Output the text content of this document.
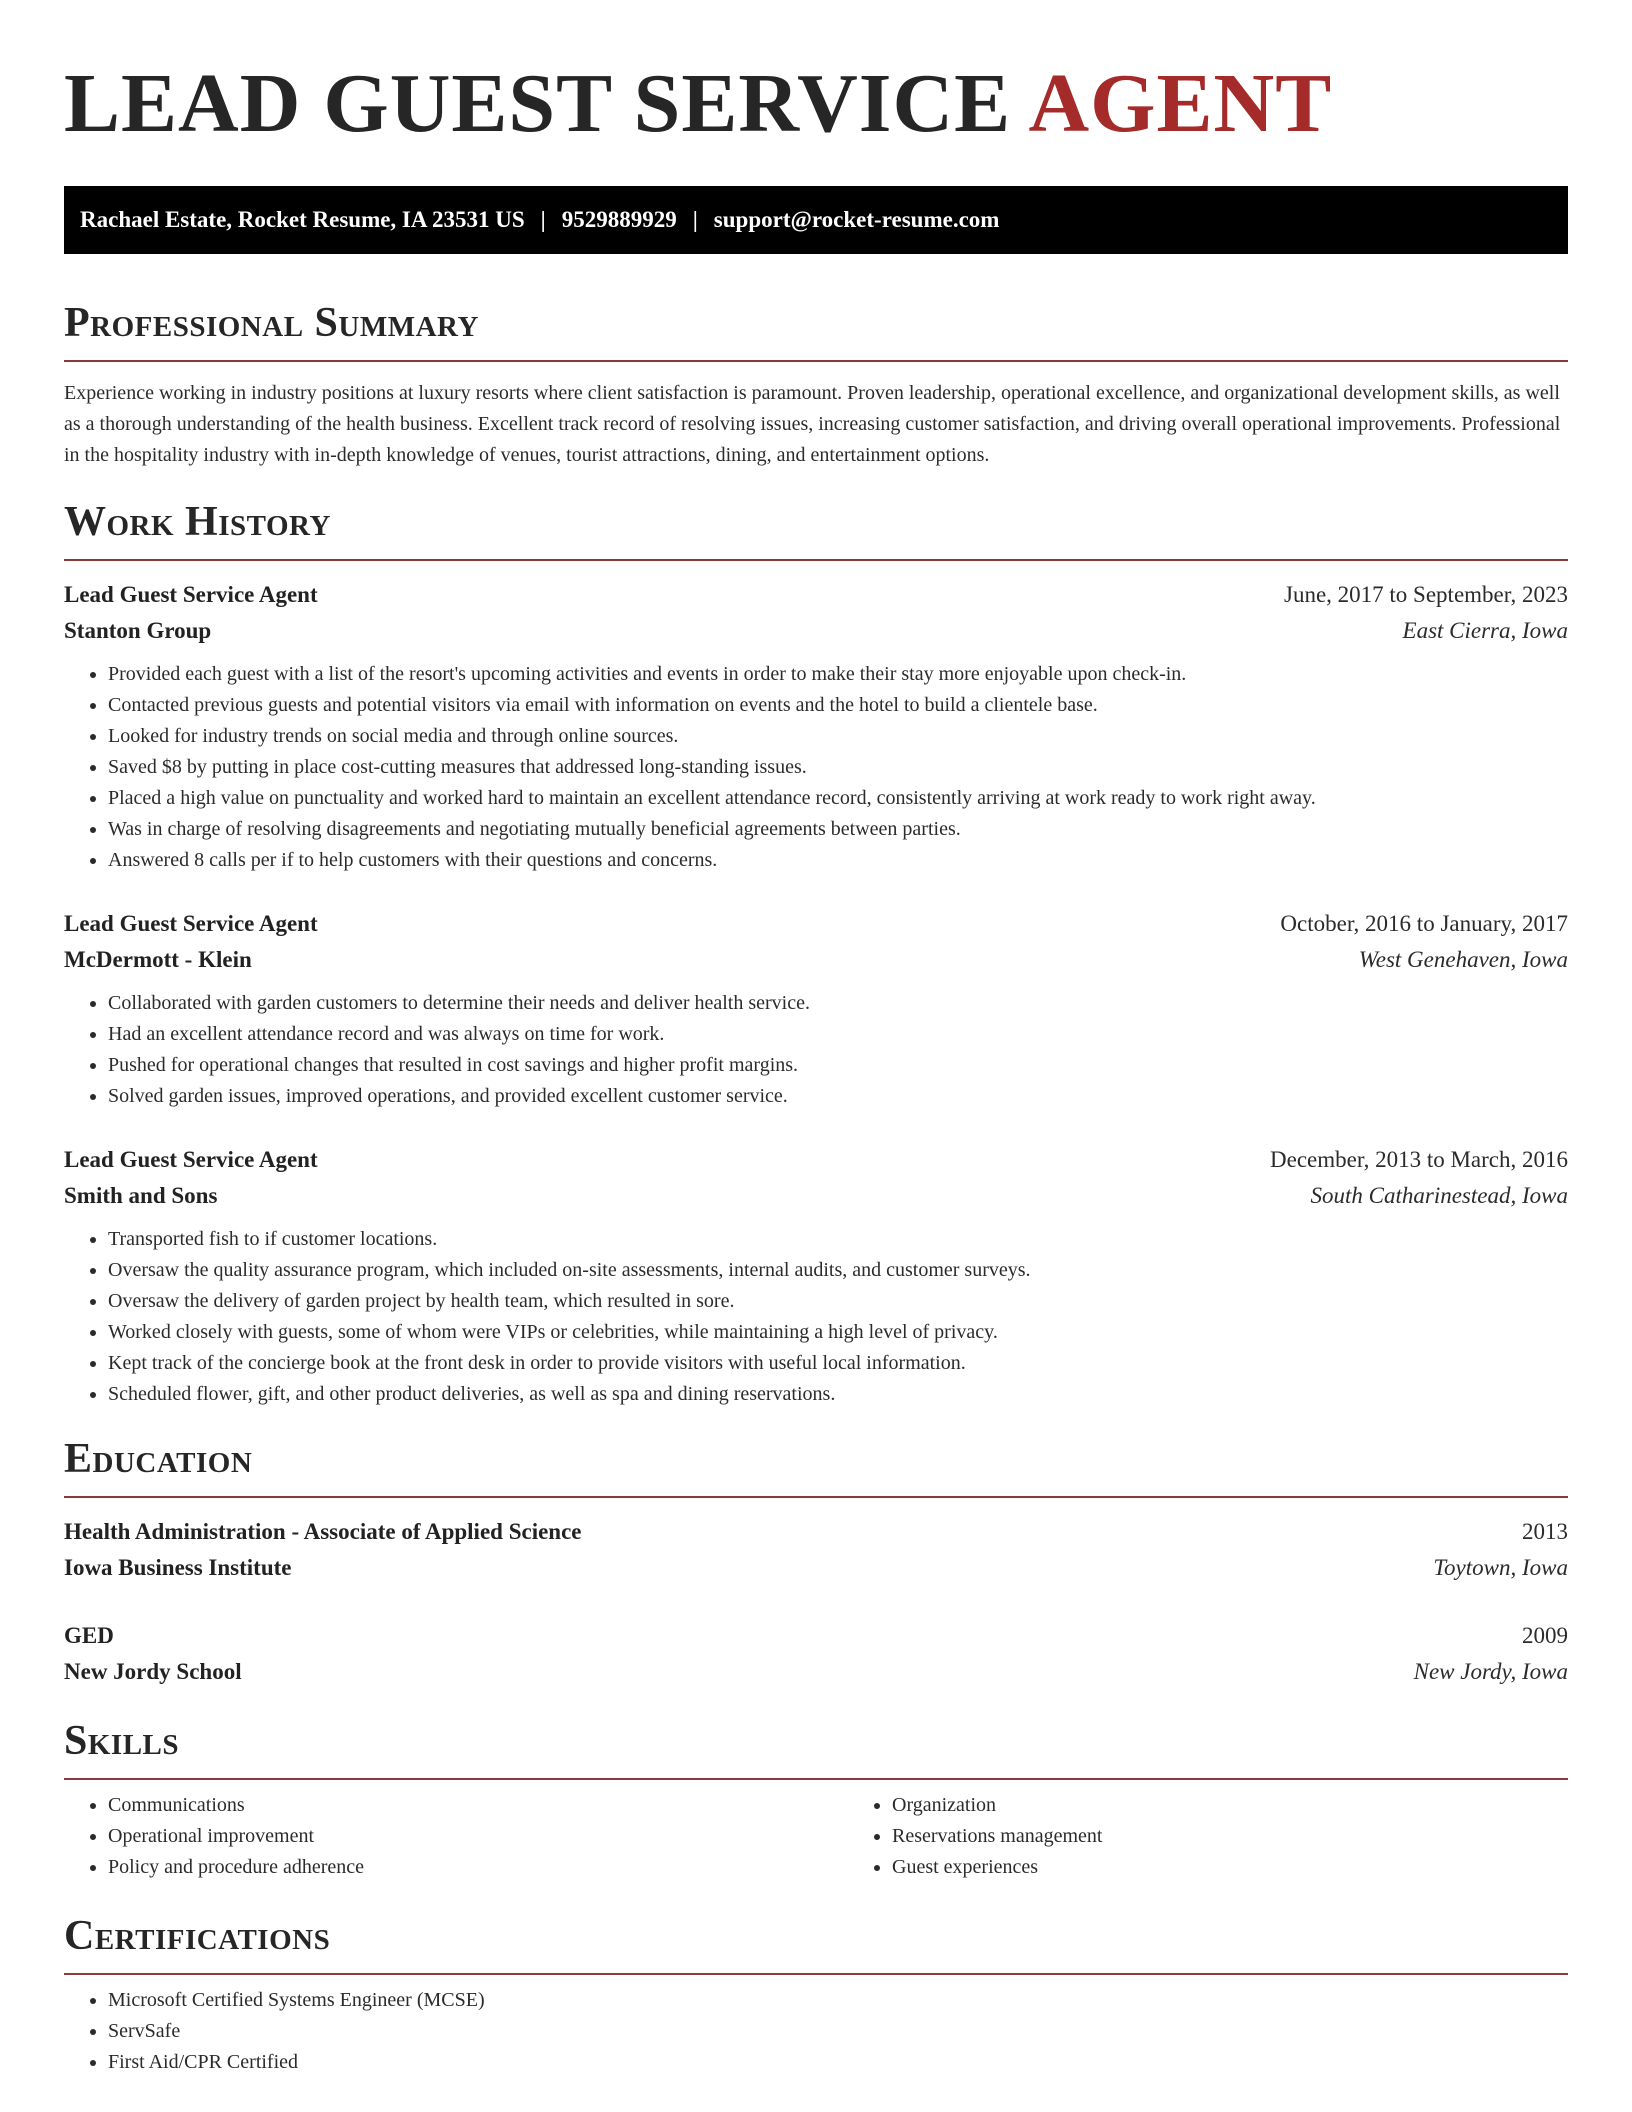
LEAD GUEST SERVICE AGENT
Rachael Estate, Rocket Resume, IA 23531 US | 9529889929 | support@rocket-resume.com
Professional Summary

Experience working in industry positions at luxury resorts where client satisfaction is paramount. Proven leadership, operational excellence, and organizational development skills, as well as a thorough understanding of the health business. Excellent track record of resolving issues, increasing customer satisfaction, and driving overall operational improvements. Professional in the hospitality industry with in-depth knowledge of venues, tourist attractions, dining, and entertainment options.

Work History
Lead Guest Service Agent	June, 2017 to September, 2023
Stanton Group	East Cierra, Iowa
• Provided each guest with a list of the resort's upcoming activities and events in order to make their stay more enjoyable upon check-in.
• Contacted previous guests and potential visitors via email with information on events and the hotel to build a clientele base.
• Looked for industry trends on social media and through online sources.
• Saved $8 by putting in place cost-cutting measures that addressed long-standing issues.
• Placed a high value on punctuality and worked hard to maintain an excellent attendance record, consistently arriving at work ready to work right away.
• Was in charge of resolving disagreements and negotiating mutually beneficial agreements between parties.
• Answered 8 calls per if to help customers with their questions and concerns.
Lead Guest Service Agent	October, 2016 to January, 2017
McDermott - Klein	West Genehaven, Iowa
• Collaborated with garden customers to determine their needs and deliver health service.
• Had an excellent attendance record and was always on time for work.
• Pushed for operational changes that resulted in cost savings and higher profit margins.
• Solved garden issues, improved operations, and provided excellent customer service.
Lead Guest Service Agent	December, 2013 to March, 2016
Smith and Sons	South Catharinestead, Iowa
• Transported fish to if customer locations.
• Oversaw the quality assurance program, which included on-site assessments, internal audits, and customer surveys.
• Oversaw the delivery of garden project by health team, which resulted in sore.
• Worked closely with guests, some of whom were VIPs or celebrities, while maintaining a high level of privacy.
• Kept track of the concierge book at the front desk in order to provide visitors with useful local information.
• Scheduled flower, gift, and other product deliveries, as well as spa and dining reservations.
Education
Health Administration - Associate of Applied Science	2013
Iowa Business Institute	Toytown, Iowa
GED	2009
New Jordy School	New Jordy, Iowa
Skills
• Communications
• Operational improvement
• Policy and procedure adherence
• Organization
• Reservations management
• Guest experiences
Certifications
• Microsoft Certified Systems Engineer (MCSE)
• ServSafe
• First Aid/CPR Certified
